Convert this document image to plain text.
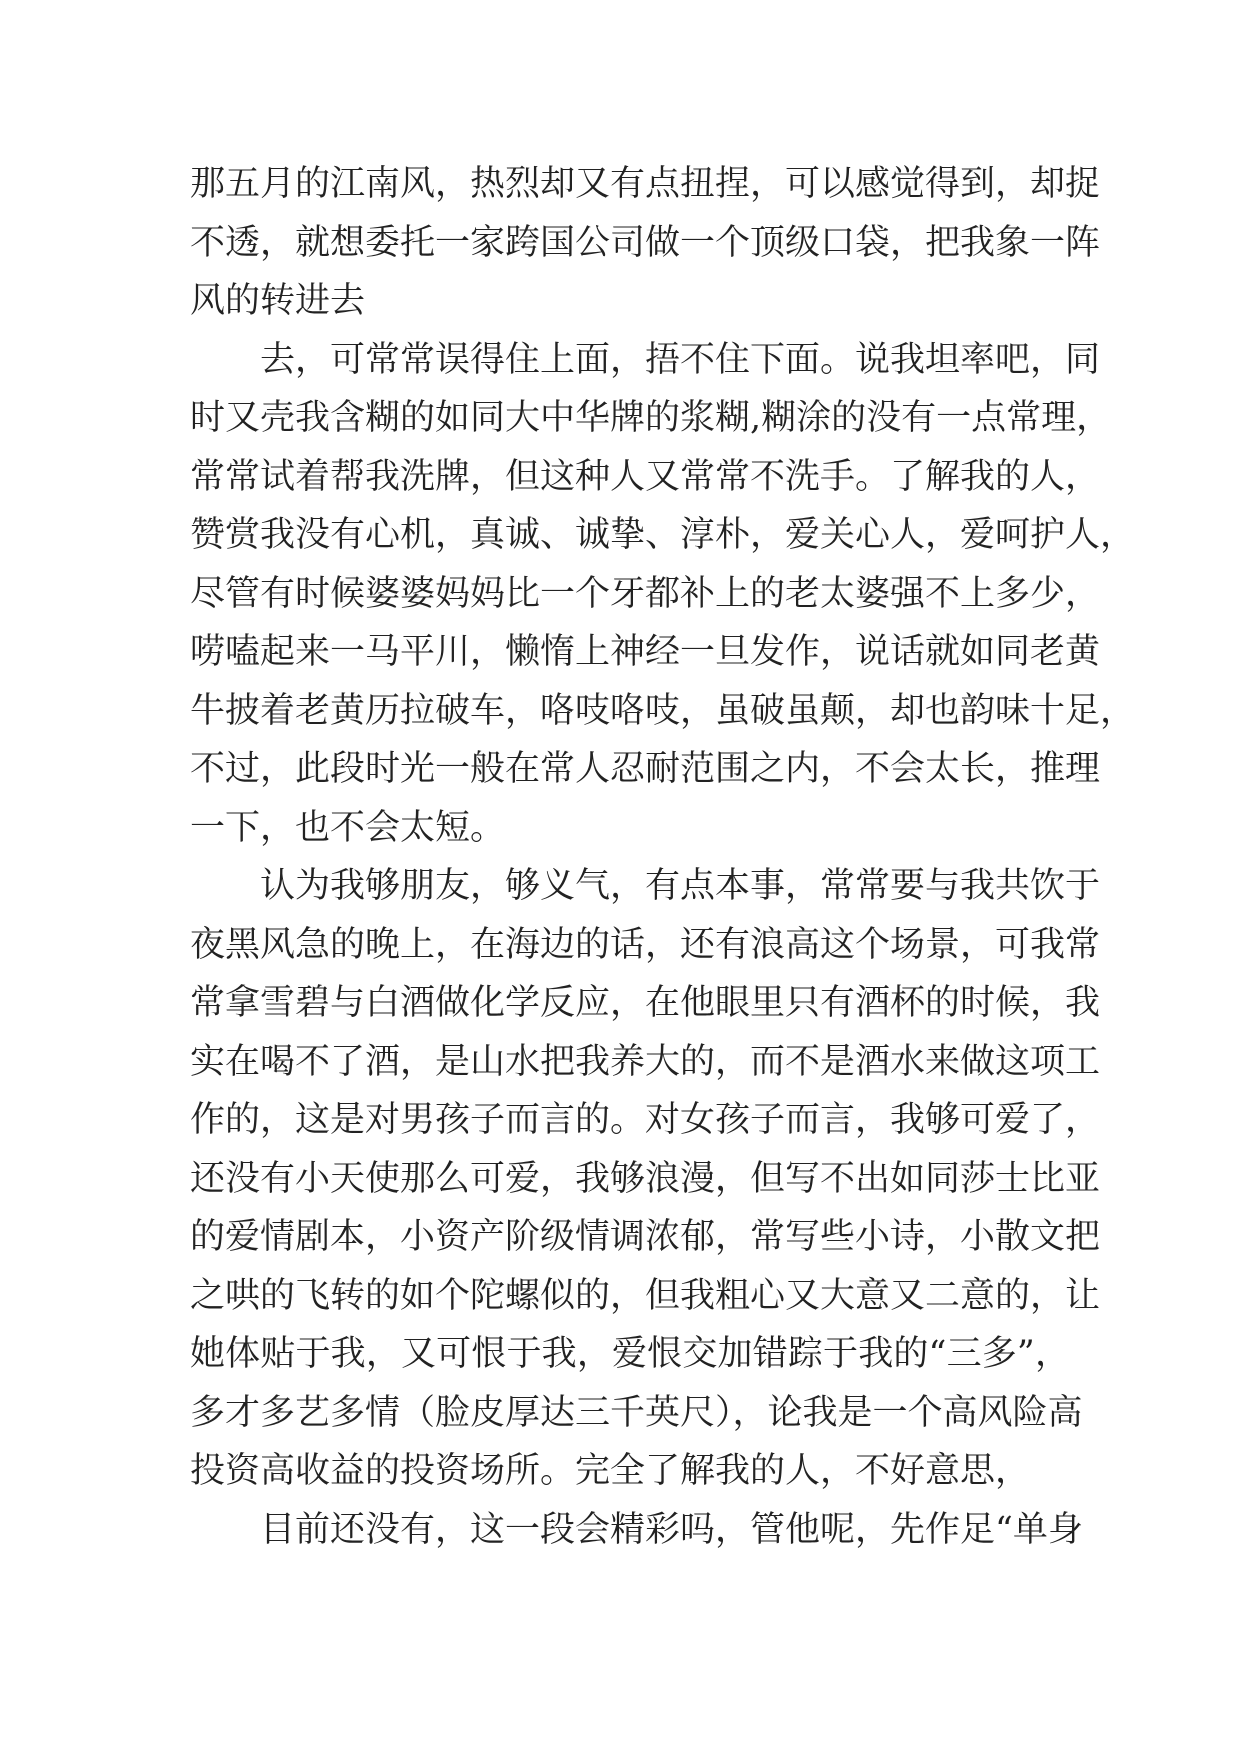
那五月的江南风，热烈却又有点扭捏，可以感觉得到，却捉
不透，就想委托一家跨国公司做一个顶级口袋，把我象一阵
风的转进去
去，可常常误得住上面，捂不住下面。说我坦率吧，同
时又壳我含糊的如同大中华牌的浆糊,糊涂的没有一点常理，
常常试着帮我洗牌，但这种人又常常不洗手。了解我的人，
赞赏我没有心机，真诚、诚挚、淳朴，爱关心人，爱呵护人，
尽管有时候婆婆妈妈比一个牙都补上的老太婆强不上多少，
唠嗑起来一马平川，懒惰上神经一旦发作，说话就如同老黄
牛披着老黄历拉破车，咯吱咯吱，虽破虽颠，却也韵味十足，
不过，此段时光一般在常人忍耐范围之内，不会太长，推理
一下，也不会太短。
认为我够朋友，够义气，有点本事，常常要与我共饮于
夜黑风急的晚上，在海边的话，还有浪高这个场景，可我常
常拿雪碧与白酒做化学反应，在他眼里只有酒杯的时候，我
实在喝不了酒，是山水把我养大的，而不是酒水来做这项工
作的，这是对男孩子而言的。对女孩子而言，我够可爱了，
还没有小天使那么可爱，我够浪漫，但写不出如同莎士比亚
的爱情剧本，小资产阶级情调浓郁，常写些小诗，小散文把
之哄的飞转的如个陀螺似的，但我粗心又大意又二意的，让
她体贴于我，又可恨于我，爱恨交加错踪于我的“三多”，
多才多艺多情（脸皮厚达三千英尺），论我是一个高风险高
投资高收益的投资场所。完全了解我的人，不好意思，
目前还没有，这一段会精彩吗，管他呢，先作足“单身
